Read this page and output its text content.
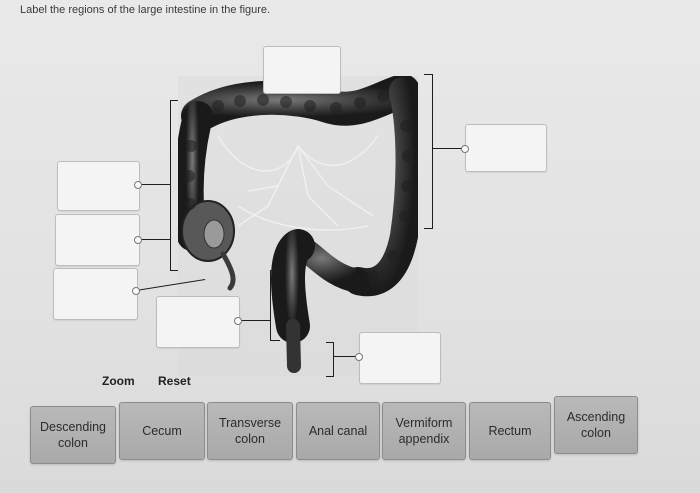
Label the regions of the large intestine in the figure.
Zoom Reset
Descending
colon
Cecum
Transverse
colon
Anal canal
Vermiform
appendix
Rectum
Ascending
colon
